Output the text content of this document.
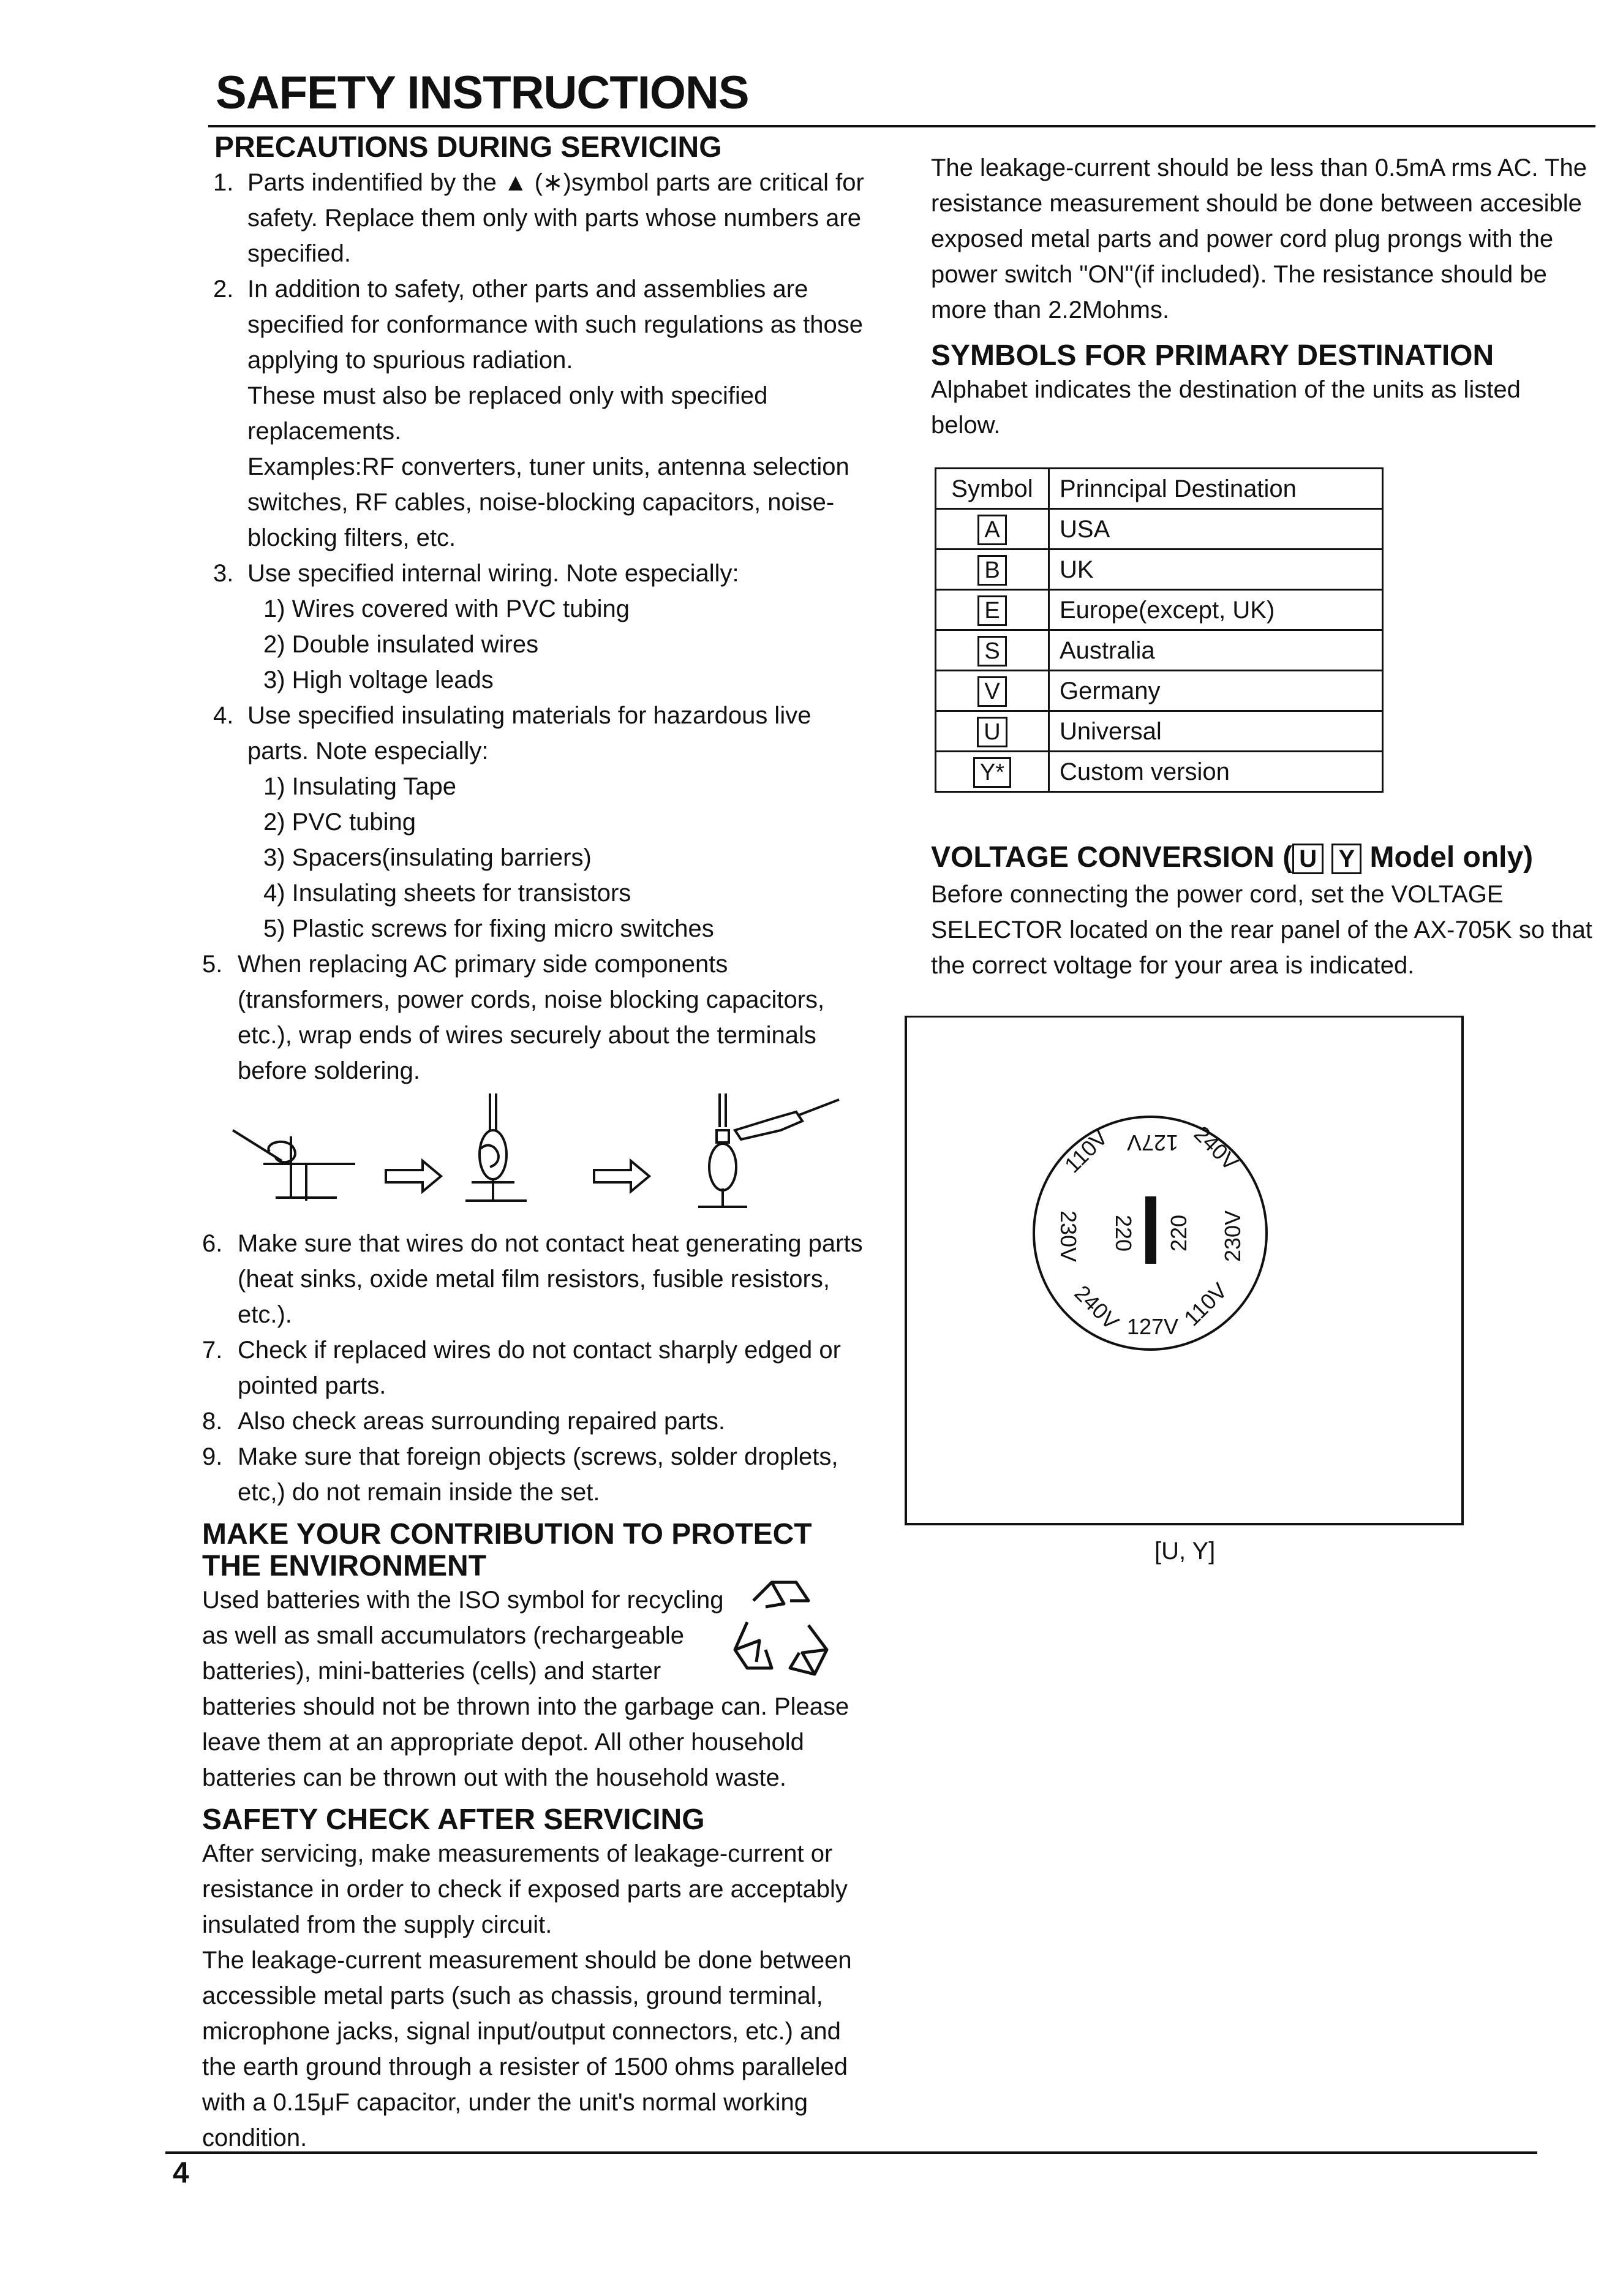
SAFETY INSTRUCTIONS
PRECAUTIONS DURING SERVICING
1. Parts indentified by the ▲ (∗)symbol parts are critical for safety. Replace them only with parts whose numbers are specified.

2. In addition to safety, other parts and assemblies are specified for conformance with such regulations as those applying to spurious radiation.

These must also be replaced only with specified replacements.

Examples:RF converters, tuner units, antenna selection switches, RF cables, noise-blocking capacitors, noise-blocking filters, etc.

3. Use specified internal wiring. Note especially:

1) Wires covered with PVC tubing

2) Double insulated wires

3) High voltage leads

4. Use specified insulating materials for hazardous live parts. Note especially:

1) Insulating Tape

2) PVC tubing

3) Spacers(insulating barriers)

4) Insulating sheets for transistors

5) Plastic screws for fixing micro switches

5. When replacing AC primary side components (transformers, power cords, noise blocking capacitors, etc.), wrap ends of wires securely about the terminals before soldering.

6. Make sure that wires do not contact heat generating parts (heat sinks, oxide metal film resistors, fusible resistors, etc.).

7. Check if replaced wires do not contact sharply edged or pointed parts.

8. Also check areas surrounding repaired parts.

9. Make sure that foreign objects (screws, solder droplets, etc,) do not remain inside the set.

MAKE YOUR CONTRIBUTION TO PROTECT
THE ENVIRONMENT

Used batteries with the ISO symbol for recycling as well as small accumulators (rechargeable batteries), mini-batteries (cells) and starter

batteries should not be thrown into the garbage can. Please leave them at an appropriate depot. All other household batteries can be thrown out with the household waste.

SAFETY CHECK AFTER SERVICING

After servicing, make measurements of leakage-current or resistance in order to check if exposed parts are acceptably insulated from the supply circuit.

The leakage-current measurement should be done between accessible metal parts (such as chassis, ground terminal, microphone jacks, signal input/output connectors, etc.) and the earth ground through a resister of 1500 ohms paralleled with a 0.15μF capacitor, under the unit's normal working condition.

The leakage-current should be less than 0.5mA rms AC. The resistance measurement should be done between accesible exposed metal parts and power cord plug prongs with the power switch "ON"(if included). The resistance should be more than 2.2Mohms.

SYMBOLS FOR PRIMARY DESTINATION

Alphabet indicates the destination of the units as listed below.

Symbol	Prinncipal Destination
A	USA
B	UK
E	Europe(except, UK)
S	Australia
V	Germany
U	Universal
Y*	Custom version
VOLTAGE CONVERSION ( U Y Model only)

Before connecting the power cord, set the VOLTAGE SELECTOR located on the rear panel of the AX-705K so that the correct voltage for your area is indicated.

110V 127V 240V
230V	230V
220 220
240V 127V 110V
[U, Y]
4
